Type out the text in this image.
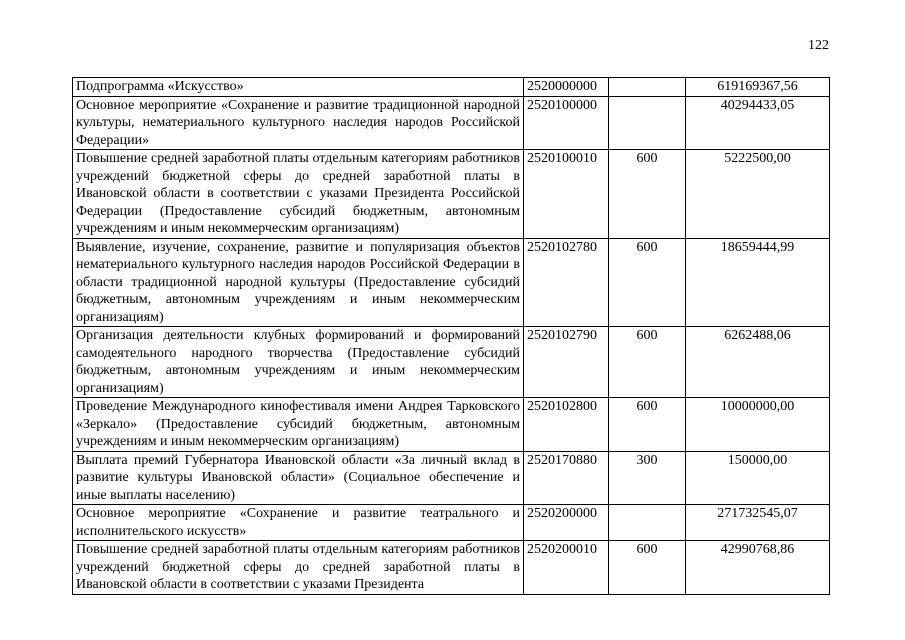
122
Подпрограмма «Искусство»	2520000000		619169367,56
Основное мероприятие «Сохранение и развитие традиционной народной культуры, нематериального культурного наследия народов Российской Федерации»	2520100000		40294433,05
Повышение средней заработной платы отдельным категориям работников учреждений бюджетной сферы до средней заработной платы в Ивановской области в соответствии с указами Президента Российской Федерации (Предоставление субсидий бюджетным, автономным учреждениям и иным некоммерческим организациям)	2520100010	600	5222500,00
Выявление, изучение, сохранение, развитие и популяризация объектов нематериального культурного наследия народов Российской Федерации в области традиционной народной культуры (Предоставление субсидий бюджетным, автономным учреждениям и иным некоммерческим организациям)	2520102780	600	18659444,99
Организация деятельности клубных формирований и формирований самодеятельного народного творчества (Предоставление субсидий бюджетным, автономным учреждениям и иным некоммерческим организациям)	2520102790	600	6262488,06
Проведение Международного кинофестиваля имени Андрея Тарковского «Зеркало» (Предоставление субсидий бюджетным, автономным учреждениям и иным некоммерческим организациям)	2520102800	600	10000000,00
Выплата премий Губернатора Ивановской области «За личный вклад в развитие культуры Ивановской области» (Социальное обеспечение и иные выплаты населению)	2520170880	300	150000,00
Основное мероприятие «Сохранение и развитие театрального и исполнительского искусств»	2520200000		271732545,07
Повышение средней заработной платы отдельным категориям работников учреждений бюджетной сферы до средней заработной платы в Ивановской области в соответствии с указами Президента	2520200010	600	42990768,86
